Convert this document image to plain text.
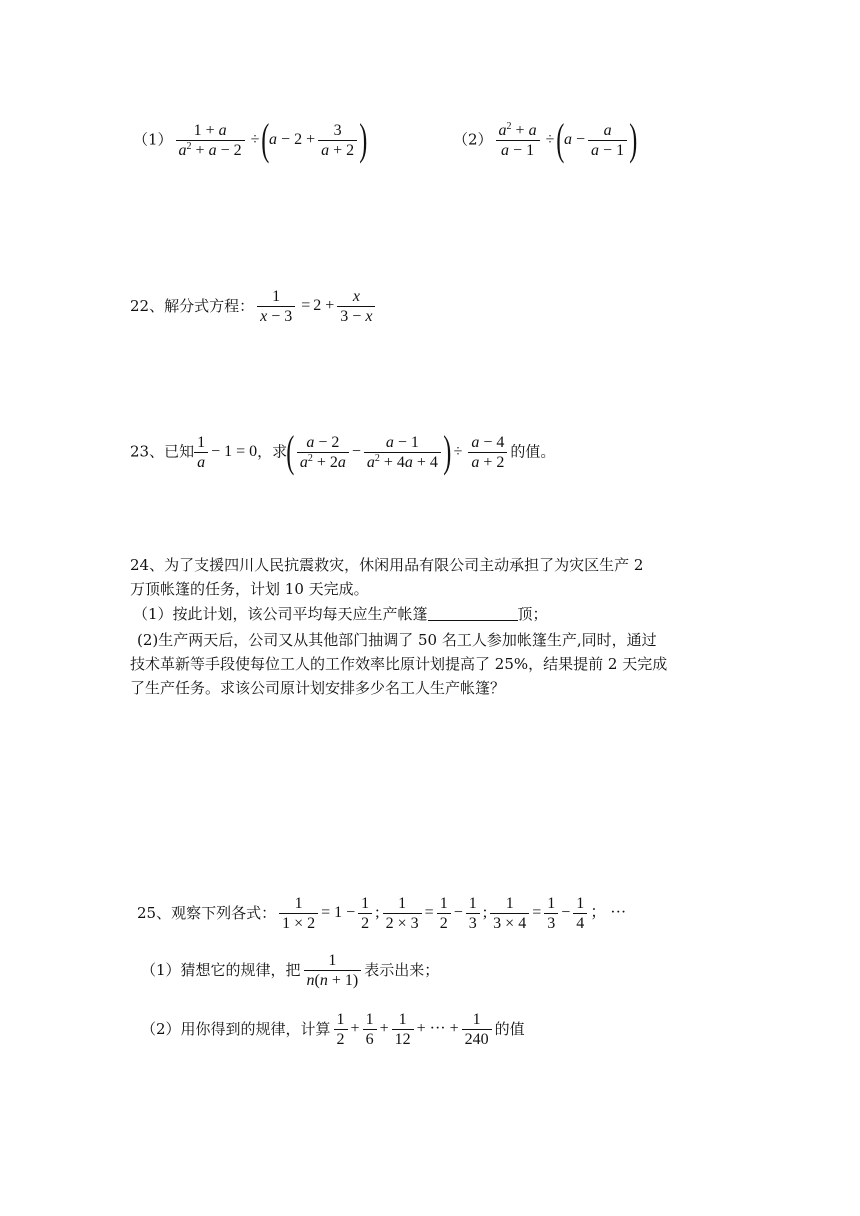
$(1) \frac{1 + a}{a^2 + a - 2} \div(a - 2 + \frac{3}{a + 2}$ )	$(2) \frac{a^2 + a}{a - 1} \div(a - \frac{a}{a - 1}$ )
22、解分式方程： $\frac{1}{x - 3} = 2 + \frac{x}{3 - x}$
23、已知 $\frac{1}{a} - 1 = 0$，求( $\frac{a - 2}{a^2 + 2a} - \frac{a - 1}{a^2 + 4a + 4}$ ) ÷ $\frac{a - 4}{a + 2}$ 的值。
24、为了支援四川人民抗震救灾，休闲用品有限公司主动承担了为灾区生产 2
万顶帐篷的任务，计划 10 天完成。
（1）按此计划，该公司平均每天应生产帐篷	顶；
(2)生产两天后，公司又从其他部门抽调了 50 名工人参加帐篷生产,同时，通过
技术革新等手段使每位工人的工作效率比原计划提高了 25%，结果提前 2 天完成
了生产任务。求该公司原计划安排多少名工人生产帐篷？
25、观察下列各式： $\frac{1}{1 \times 2} = 1 - \frac{1}{2}$ ; $\frac{1}{2 \times 3} = \frac{1}{2} - \frac{1}{3}$ ; $\frac{1}{3 \times 4} = \frac{1}{3} - \frac{1}{4}$ ； ···
（1）猜想它的规律，把 $\frac{1}{n(n + 1)}$ 表示出来；
（2）用你得到的规律，计算 $\frac{1}{2} + \frac{1}{6} + \frac{1}{12}$ + ··· + $\frac{1}{240}$ 的值
